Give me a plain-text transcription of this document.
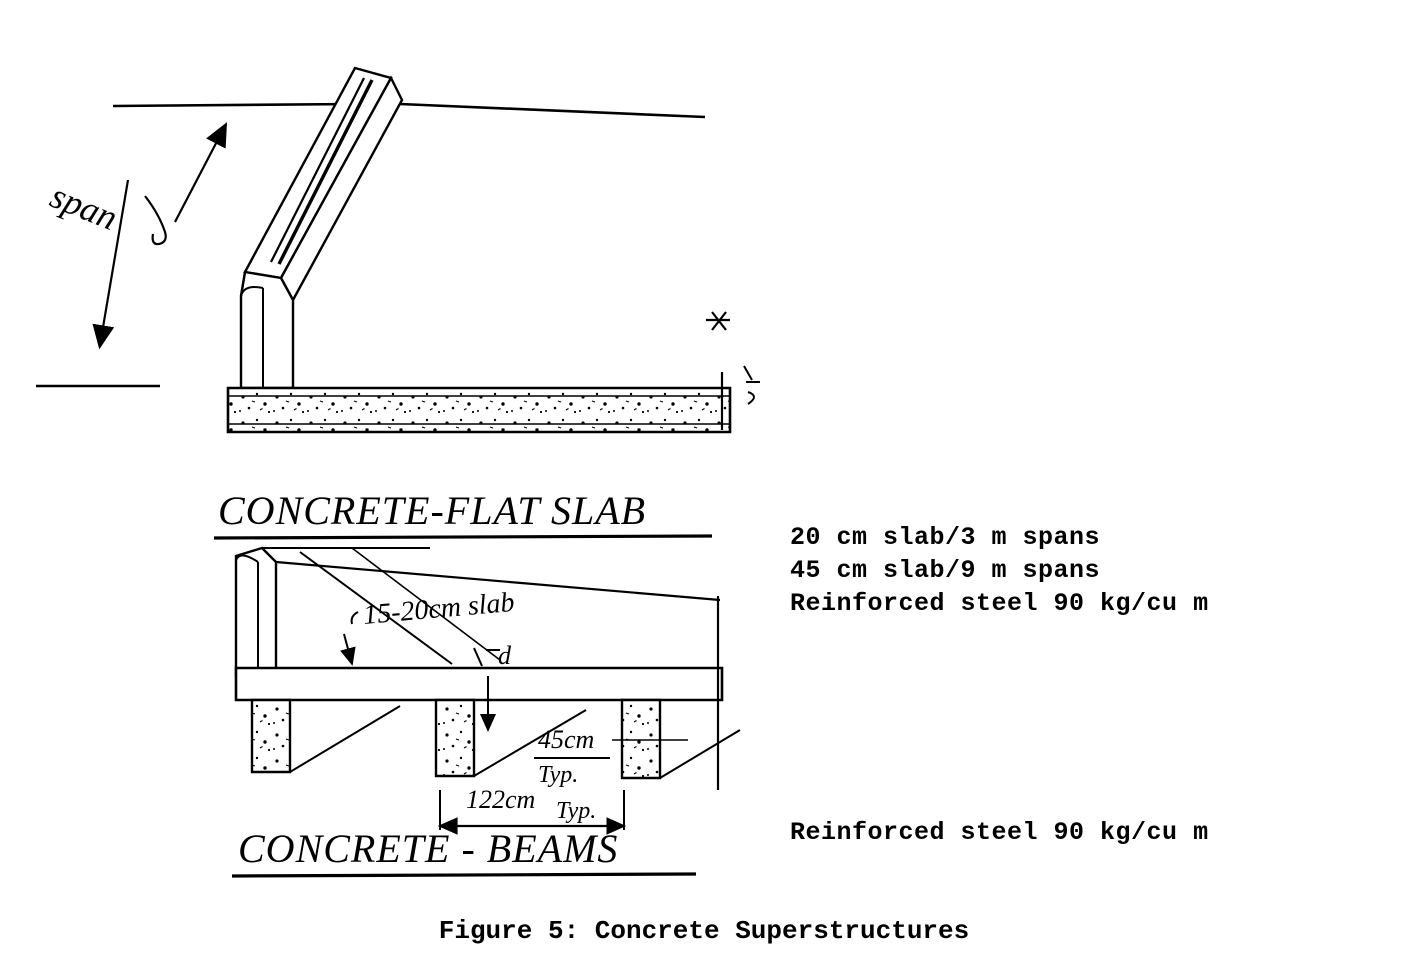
span
CONCRETE-FLAT SLAB
15-20cm slab
d
45cm
Typ.
122cm Typ.
CONCRETE - BEAMS
20 cm slab/3 m spans
45 cm slab/9 m spans
Reinforced steel 90 kg/cu m
Reinforced steel 90 kg/cu m
Figure 5: Concrete Superstructures
